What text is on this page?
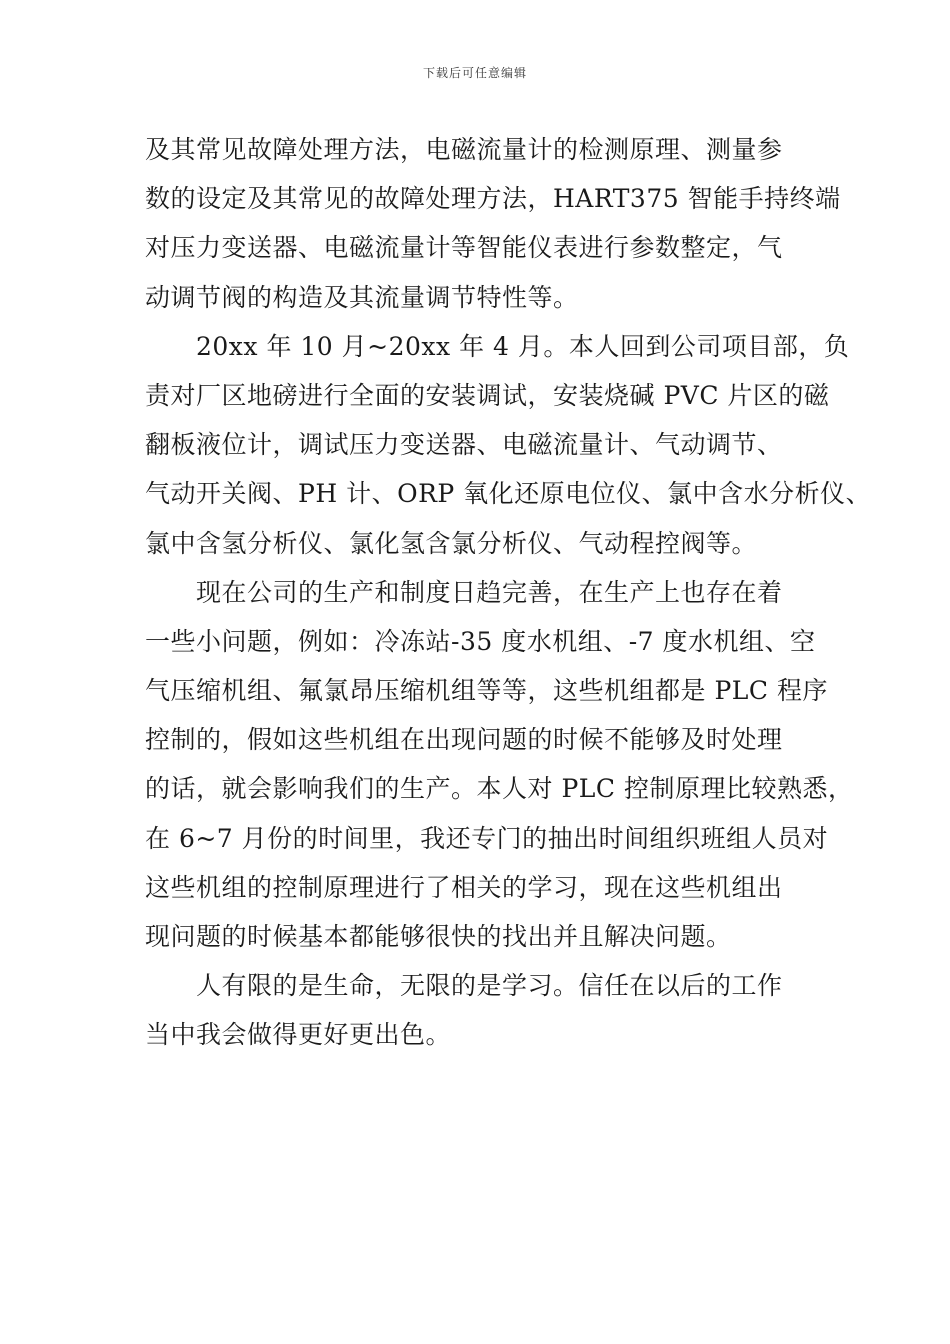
下载后可任意编辑
及其常见故障处理方法，电磁流量计的检测原理、测量参
数的设定及其常见的故障处理方法，HART375 智能手持终端
对压力变送器、电磁流量计等智能仪表进行参数整定，气
动调节阀的构造及其流量调节特性等。
　　20xx 年 10 月~20xx 年 4 月。本人回到公司项目部，负
责对厂区地磅进行全面的安装调试，安装烧碱 PVC 片区的磁
翻板液位计，调试压力变送器、电磁流量计、气动调节、
气动开关阀、PH 计、ORP 氧化还原电位仪、氯中含水分析仪、
氯中含氢分析仪、氯化氢含氯分析仪、气动程控阀等。
　　现在公司的生产和制度日趋完善，在生产上也存在着
一些小问题，例如：冷冻站-35 度水机组、-7 度水机组、空
气压缩机组、氟氯昂压缩机组等等，这些机组都是 PLC 程序
控制的，假如这些机组在出现问题的时候不能够及时处理
的话，就会影响我们的生产。本人对 PLC 控制原理比较熟悉，
在 6~7 月份的时间里，我还专门的抽出时间组织班组人员对
这些机组的控制原理进行了相关的学习，现在这些机组出
现问题的时候基本都能够很快的找出并且解决问题。
　　人有限的是生命，无限的是学习。信任在以后的工作
当中我会做得更好更出色。
